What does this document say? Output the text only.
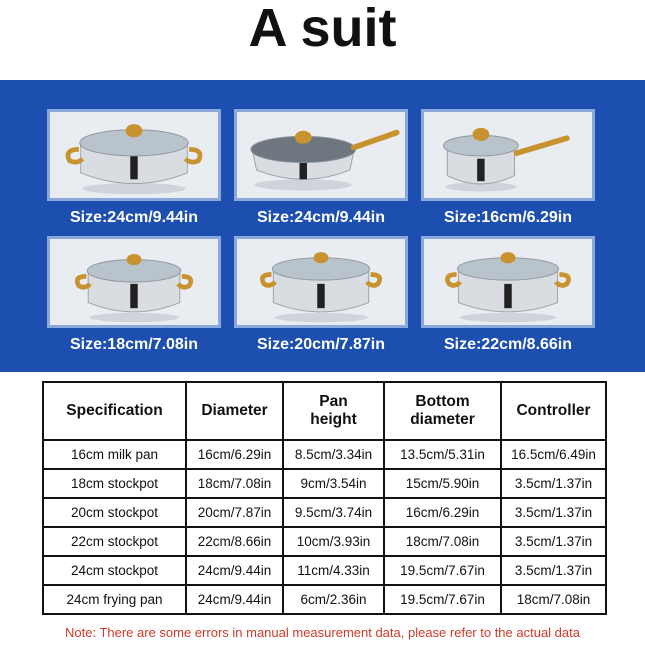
A suit
Size:24cm/9.44in	Size:24cm/9.44in	Size:16cm/6.29in
Size:18cm/7.08in	Size:20cm/7.87in	Size:22cm/8.66in
Specification	Diameter	Pan height	Bottom diameter	Controller
16cm milk pan	16cm/6.29in	8.5cm/3.34in	13.5cm/5.31in	16.5cm/6.49in
18cm stockpot	18cm/7.08in	9cm/3.54in	15cm/5.90in	3.5cm/1.37in
20cm stockpot	20cm/7.87in	9.5cm/3.74in	16cm/6.29in	3.5cm/1.37in
22cm stockpot	22cm/8.66in	10cm/3.93in	18cm/7.08in	3.5cm/1.37in
24cm stockpot	24cm/9.44in	11cm/4.33in	19.5cm/7.67in	3.5cm/1.37in
24cm frying pan	24cm/9.44in	6cm/2.36in	19.5cm/7.67in	18cm/7.08in
Note: There are some errors in manual measurement data, please refer to the actual data
